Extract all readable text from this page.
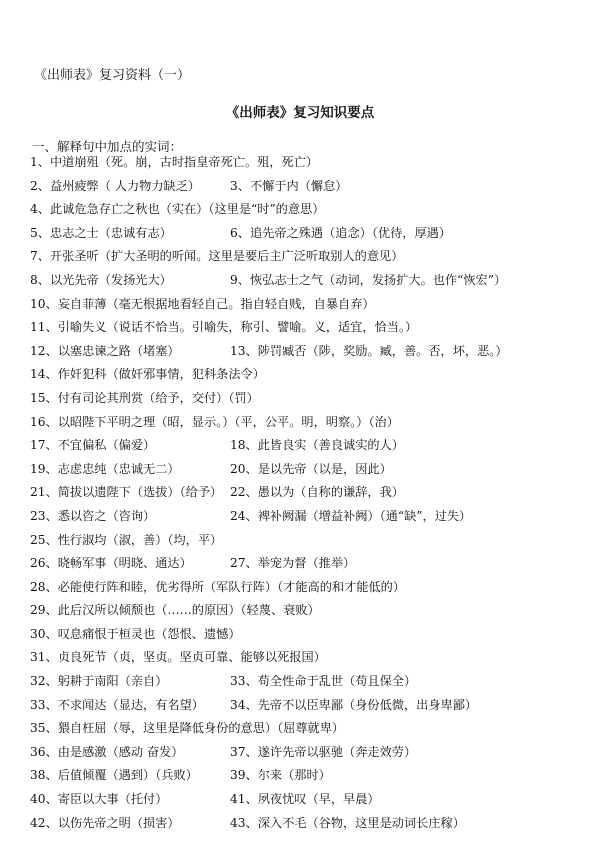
《出师表》复习资料（一）
《出师表》复习知识要点
一、解释句中加点的实词：
1、中道崩殂（死。崩，古时指皇帝死亡。殂，死亡）
2、益州疲弊（ 人力物力缺乏） 3、不懈于内（懈怠）
4、此诚危急存亡之秋也（实在）（这里是“时”的意思）
5、忠志之士（忠诚有志）	6、追先帝之殊遇（追念）（优待，厚遇）
7、开张圣听（扩大圣明的听闻。这里是要后主广泛听取别人的意见）
8、以光先帝（发扬光大）	9、恢弘志士之气（动词，发扬扩大。也作“恢宏”）
10、妄自菲薄（毫无根据地看轻自己。指自轻自贱，自暴自弃）
11、引喻失义（说话不恰当。引喻失，称引、譬喻。义，适宜，恰当。）
12、以塞忠谏之路（堵塞）	13、陟罚臧否（陟，奖励。臧，善。否，坏，恶。）
14、作奸犯科（做奸邪事情，犯科条法令）
15、付有司论其刑赏（给予，交付）（罚）
16、以昭陛下平明之理（昭，显示。）（平，公平。明，明察。）（治）
17、不宜偏私（偏爱）	18、此皆良实（善良诚实的人）
19、志虑忠纯（忠诚无二）	20、是以先帝（以是，因此）
21、简拔以遗陛下（选拔）（给予） 22、愚以为（自称的谦辞，我）
23、悉以咨之（咨询）	24、裨补阙漏（增益补阙）（通“缺”，过失）
25、性行淑均（淑，善）（均，平）
26、晓畅军事（明晓、通达）	27、举宠为督（推举）
28、必能使行阵和睦，优劣得所（军队行阵）（才能高的和才能低的）
29、此后汉所以倾颓也（……的原因）（轻蔑、衰败）
30、叹息痛恨于桓灵也（怨恨、遗憾）
31、贞良死节（贞，坚贞。坚贞可靠、能够以死报国）
32、躬耕于南阳（亲自）	33、苟全性命于乱世（苟且保全）
33、不求闻达（显达，有名望） 34、先帝不以臣卑鄙（身份低微，出身卑鄙）
35、猥自枉屈（辱，这里是降低身份的意思）（屈尊就卑）
36、由是感激（感动 奋发）	37、遂许先帝以驱驰（奔走效劳）
38、后值倾覆（遇到）（兵败）	39、尔来（那时）
40、寄臣以大事（托付）	41、夙夜忧叹（早，早晨）
42、以伤先帝之明（损害）	43、深入不毛（谷物，这里是动词长庄稼）
